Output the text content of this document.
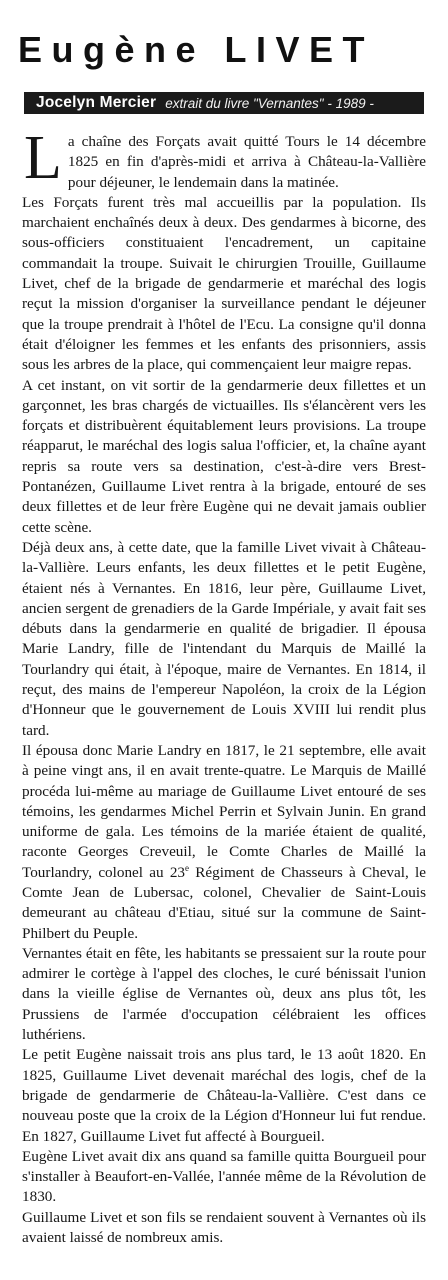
Eugène LIVET
Jocelyn Mercier extrait du livre "Vernantes" - 1989 -

La chaîne des Forçats avait quitté Tours le 14 décembre 1825 en fin d'après-midi et arriva à Château-la-Vallière pour déjeuner, le lendemain dans la matinée.

Les Forçats furent très mal accueillis par la population. Ils marchaient enchaînés deux à deux. Des gendarmes à bicorne, des sous-officiers constituaient l'encadrement, un capitaine commandait la troupe. Suivait le chirurgien Trouille, Guillaume Livet, chef de la brigade de gendarmerie et maréchal des logis reçut la mission d'organiser la surveillance pendant le déjeuner que la troupe prendrait à l'hôtel de l'Ecu. La consigne qu'il donna était d'éloigner les femmes et les enfants des prisonniers, assis sous les arbres de la place, qui commençaient leur maigre repas.

A cet instant, on vit sortir de la gendarmerie deux fillettes et un garçonnet, les bras chargés de victuailles. Ils s'élancèrent vers les forçats et distribuèrent équitablement leurs provisions. La troupe réapparut, le maréchal des logis salua l'officier, et, la chaîne ayant repris sa route vers sa destination, c'est-à-dire vers Brest-Pontanézen, Guillaume Livet rentra à la brigade, entouré de ses deux fillettes et de leur frère Eugène qui ne devait jamais oublier cette scène.

Déjà deux ans, à cette date, que la famille Livet vivait à Château-la-Vallière. Leurs enfants, les deux fillettes et le petit Eugène, étaient nés à Vernantes. En 1816, leur père, Guillaume Livet, ancien sergent de grenadiers de la Garde Impériale, y avait fait ses débuts dans la gendarmerie en qualité de brigadier. Il épousa Marie Landry, fille de l'intendant du Marquis de Maillé la Tourlandry qui était, à l'époque, maire de Vernantes. En 1814, il reçut, des mains de l'empereur Napoléon, la croix de la Légion d'Honneur que le gouvernement de Louis XVIII lui rendit plus tard.

Il épousa donc Marie Landry en 1817, le 21 septembre, elle avait à peine vingt ans, il en avait trente-quatre. Le Marquis de Maillé procéda lui-même au mariage de Guillaume Livet entouré de ses témoins, les gendarmes Michel Perrin et Sylvain Junin. En grand uniforme de gala. Les témoins de la mariée étaient de qualité, raconte Georges Creveuil, le Comte Charles de Maillé la Tourlandry, colonel au 23e Régiment de Chasseurs à Cheval, le Comte Jean de Lubersac, colonel, Chevalier de Saint-Louis demeurant au château d'Etiau, situé sur la commune de Saint-Philbert du Peuple.

Vernantes était en fête, les habitants se pressaient sur la route pour admirer le cortège à l'appel des cloches, le curé bénissait l'union dans la vieille église de Vernantes où, deux ans plus tôt, les Prussiens de l'armée d'occupation célébraient les offices luthériens.

Le petit Eugène naissait trois ans plus tard, le 13 août 1820. En 1825, Guillaume Livet devenait maréchal des logis, chef de la brigade de gendarmerie de Château-la-Vallière. C'est dans ce nouveau poste que la croix de la Légion d'Honneur lui fut rendue. En 1827, Guillaume Livet fut affecté à Bourgueil.

Eugène Livet avait dix ans quand sa famille quitta Bourgueil pour s'installer à Beaufort-en-Vallée, l'année même de la Révolution de 1830.

Guillaume Livet et son fils se rendaient souvent à Vernantes où ils avaient laissé de nombreux amis.
